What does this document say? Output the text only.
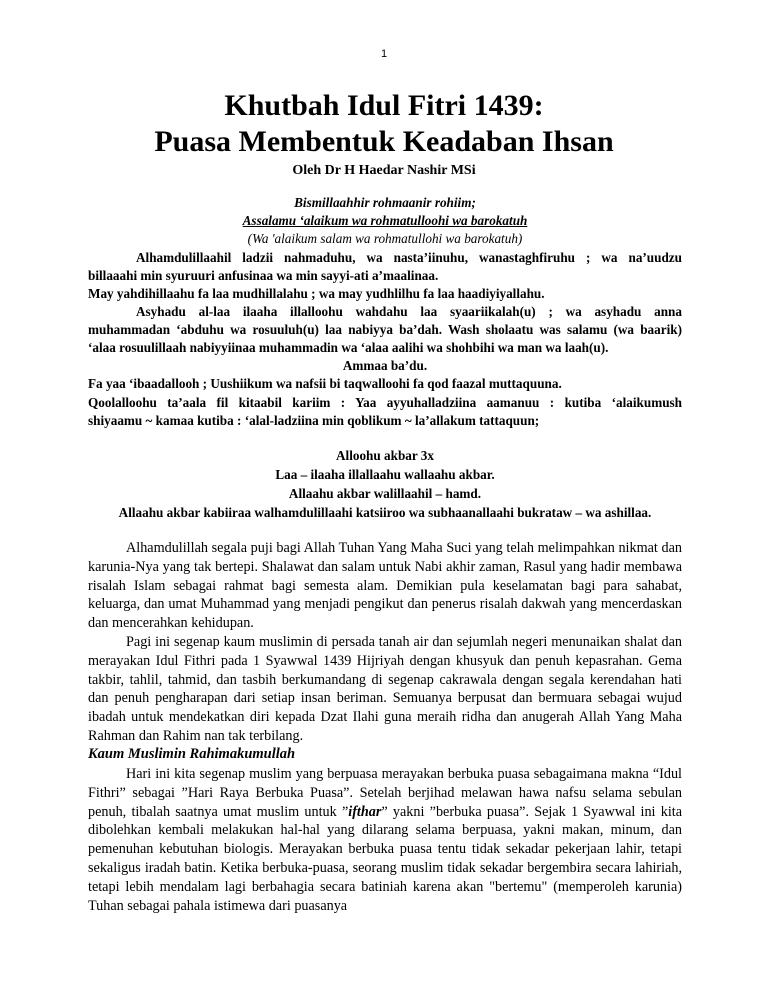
1
Khutbah Idul Fitri 1439:
Puasa Membentuk Keadaban Ihsan
Oleh Dr H Haedar Nashir MSi
Bismillaahhir rohmaanir rohiim;
Assalamu ‘alaikum wa rohmatulloohi wa barokatuh
(Wa 'alaikum salam wa rohmatullohi wa barokatuh)
Alhamdulillaahil ladzii nahmaduhu, wa nasta’iinuhu, wanastaghfiruhu ; wa na’uudzu
billaaahi min syuruuri anfusinaa wa min sayyi-ati a’maalinaa.
May yahdihillaahu fa laa mudhillalahu ; wa may yudhlilhu fa laa haadiyiyallahu.
Asyhadu al-laa ilaaha illalloohu wahdahu laa syaariikalah(u) ; wa asyhadu anna
muhammadan ‘abduhu wa rosuuluh(u) laa nabiyya ba’dah. Wash sholaatu was salamu (wa baarik)
‘alaa rosuulillaah nabiyyiinaa muhammadin wa ‘alaa aalihi wa shohbihi wa man wa laah(u).
Ammaa ba’du.
Fa yaa ‘ibaadallooh ; Uushiikum wa nafsii bi taqwalloohi fa qod faazal muttaquuna.
Qoolalloohu ta’aala fil kitaabil kariim : Yaa ayyuhalladziina aamanuu : kutiba ‘alaikumush
shiyaamu ~ kamaa kutiba : ‘alal-ladziina min qoblikum ~ la’allakum tattaquun;
Alloohu akbar 3x
Laa – ilaaha illallaahu wallaahu akbar.
Allaahu akbar walillaahil – hamd.
Allaahu akbar kabiiraa walhamdulillaahi katsiiroo wa subhaanallaahi bukrataw – wa ashillaa.

Alhamdulillah segala puji bagi Allah Tuhan Yang Maha Suci yang telah melimpahkan nikmat dan karunia-Nya yang tak bertepi. Shalawat dan salam untuk Nabi akhir zaman, Rasul yang hadir membawa risalah Islam sebagai rahmat bagi semesta alam. Demikian pula keselamatan bagi para sahabat, keluarga, dan umat Muhammad yang menjadi pengikut dan penerus risalah dakwah yang mencerdaskan dan mencerahkan kehidupan.

Pagi ini segenap kaum muslimin di persada tanah air dan sejumlah negeri menunaikan shalat dan merayakan Idul Fithri pada 1 Syawwal 1439 Hijriyah dengan khusyuk dan penuh kepasrahan. Gema takbir, tahlil, tahmid, dan tasbih berkumandang di segenap cakrawala dengan segala kerendahan hati dan penuh pengharapan dari setiap insan beriman. Semuanya berpusat dan bermuara sebagai wujud ibadah untuk mendekatkan diri kepada Dzat Ilahi guna meraih ridha dan anugerah Allah Yang Maha Rahman dan Rahim nan tak terbilang.

Kaum Muslimin Rahimakumullah

Hari ini kita segenap muslim yang berpuasa merayakan berbuka puasa sebagaimana makna “Idul Fithri” sebagai ”Hari Raya Berbuka Puasa”. Setelah berjihad melawan hawa nafsu selama sebulan penuh, tibalah saatnya umat muslim untuk ”ifthar” yakni ”berbuka puasa”. Sejak 1 Syawwal ini kita dibolehkan kembali melakukan hal-hal yang dilarang selama berpuasa, yakni makan, minum, dan pemenuhan kebutuhan biologis. Merayakan berbuka puasa tentu tidak sekadar pekerjaan lahir, tetapi sekaligus iradah batin. Ketika berbuka-puasa, seorang muslim tidak sekadar bergembira secara lahiriah, tetapi lebih mendalam lagi berbahagia secara batiniah karena akan "bertemu" (memperoleh karunia) Tuhan sebagai pahala istimewa dari puasanya
